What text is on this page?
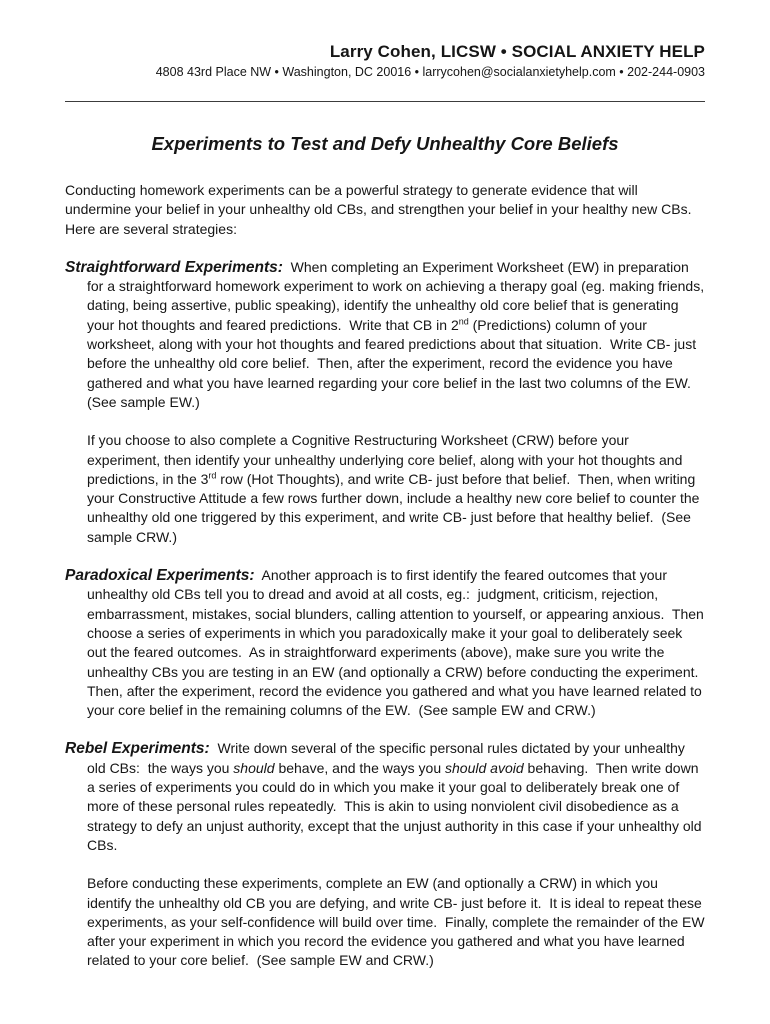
Larry Cohen, LICSW • SOCIAL ANXIETY HELP
4808 43rd Place NW • Washington, DC 20016 • larrycohen@socialanxietyhelp.com • 202-244-0903
Experiments to Test and Defy Unhealthy Core Beliefs

Conducting homework experiments can be a powerful strategy to generate evidence that will undermine your belief in your unhealthy old CBs, and strengthen your belief in your healthy new CBs.  Here are several strategies:

Straightforward Experiments:  When completing an Experiment Worksheet (EW) in preparation for a straightforward homework experiment to work on achieving a therapy goal (eg. making friends, dating, being assertive, public speaking), identify the unhealthy old core belief that is generating your hot thoughts and feared predictions.  Write that CB in 2nd (Predictions) column of your worksheet, along with your hot thoughts and feared predictions about that situation.  Write CB- just before the unhealthy old core belief.  Then, after the experiment, record the evidence you have gathered and what you have learned regarding your core belief in the last two columns of the EW.  (See sample EW.)

If you choose to also complete a Cognitive Restructuring Worksheet (CRW) before your experiment, then identify your unhealthy underlying core belief, along with your hot thoughts and predictions, in the 3rd row (Hot Thoughts), and write CB- just before that belief.  Then, when writing your Constructive Attitude a few rows further down, include a healthy new core belief to counter the unhealthy old one triggered by this experiment, and write CB- just before that healthy belief.  (See sample CRW.)

Paradoxical Experiments:  Another approach is to first identify the feared outcomes that your unhealthy old CBs tell you to dread and avoid at all costs, eg.:  judgment, criticism, rejection, embarrassment, mistakes, social blunders, calling attention to yourself, or appearing anxious.  Then choose a series of experiments in which you paradoxically make it your goal to deliberately seek out the feared outcomes.  As in straightforward experiments (above), make sure you write the unhealthy CBs you are testing in an EW (and optionally a CRW) before conducting the experiment.  Then, after the experiment, record the evidence you gathered and what you have learned related to your core belief in the remaining columns of the EW.  (See sample EW and CRW.)

Rebel Experiments:  Write down several of the specific personal rules dictated by your unhealthy old CBs:  the ways you should behave, and the ways you should avoid behaving.  Then write down a series of experiments you could do in which you make it your goal to deliberately break one of more of these personal rules repeatedly.  This is akin to using nonviolent civil disobedience as a strategy to defy an unjust authority, except that the unjust authority in this case if your unhealthy old CBs.

Before conducting these experiments, complete an EW (and optionally a CRW) in which you identify the unhealthy old CB you are defying, and write CB- just before it.  It is ideal to repeat these experiments, as your self-confidence will build over time.  Finally, complete the remainder of the EW after your experiment in which you record the evidence you gathered and what you have learned related to your core belief.  (See sample EW and CRW.)
